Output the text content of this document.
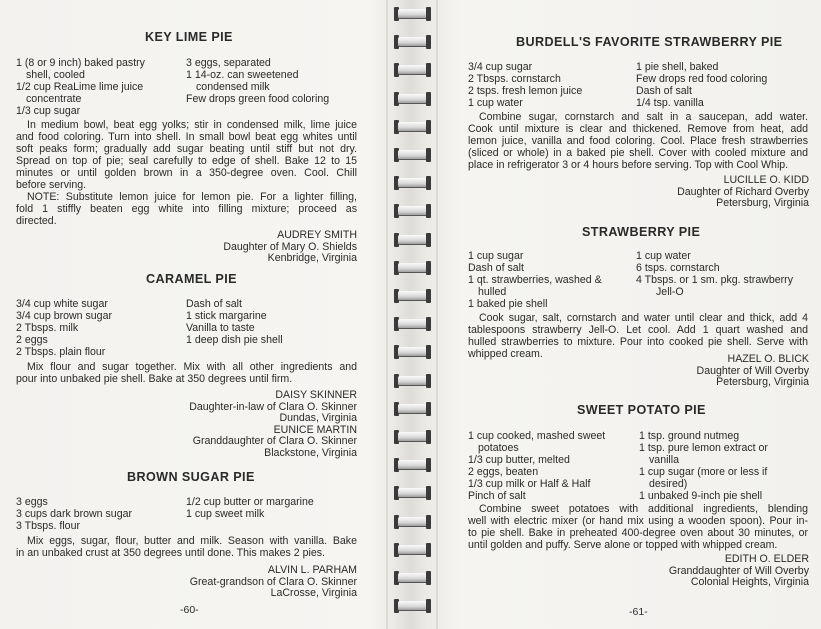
KEY LIME PIE
1 (8 or 9 inch) baked pastry
shell, cooled
1/2 cup ReaLime lime juice
concentrate
1/3 cup sugar
3 eggs, separated
1 14-oz. can sweetened
condensed milk
Few drops green food coloring
In medium bowl, beat egg yolks; stir in condensed milk, lime juice
and food coloring. Turn into shell. In small bowl beat egg whites until
soft peaks form; gradually add sugar beating until stiff but not dry.
Spread on top of pie; seal carefully to edge of shell. Bake 12 to 15
minutes or until golden brown in a 350-degree oven. Cool. Chill
before serving.
NOTE: Substitute lemon juice for lemon pie. For a lighter filling,
fold 1 stiffly beaten egg white into filling mixture; proceed as
directed.
AUDREY SMITH
Daughter of Mary O. Shields
Kenbridge, Virginia
CARAMEL PIE
3/4 cup white sugar
3/4 cup brown sugar
2 Tbsps. milk
2 eggs
2 Tbsps. plain flour
Dash of salt
1 stick margarine
Vanilla to taste
1 deep dish pie shell
Mix flour and sugar together. Mix with all other ingredients and
pour into unbaked pie shell. Bake at 350 degrees until firm.
DAISY SKINNER
Daughter-in-law of Clara O. Skinner
Dundas, Virginia
EUNICE MARTIN
Granddaughter of Clara O. Skinner
Blackstone, Virginia
BROWN SUGAR PIE
3 eggs
3 cups dark brown sugar
3 Tbsps. flour
1/2 cup butter or margarine
1 cup sweet milk
Mix eggs, sugar, flour, butter and milk. Season with vanilla. Bake
in an unbaked crust at 350 degrees until done. This makes 2 pies.
ALVIN L. PARHAM
Great-grandson of Clara O. Skinner
LaCrosse, Virginia
-60-
BURDELL'S FAVORITE STRAWBERRY PIE
3/4 cup sugar
2 Tbsps. cornstarch
2 tsps. fresh lemon juice
1 cup water
1 pie shell, baked
Few drops red food coloring
Dash of salt
1/4 tsp. vanilla
Combine sugar, cornstarch and salt in a saucepan, add water.
Cook until mixture is clear and thickened. Remove from heat, add
lemon juice, vanilla and food coloring. Cool. Place fresh strawberries
(sliced or whole) in a baked pie shell. Cover with cooled mixture and
place in refrigerator 3 or 4 hours before serving. Top with Cool Whip.
LUCILLE O. KIDD
Daughter of Richard Overby
Petersburg, Virginia
STRAWBERRY PIE
1 cup sugar
Dash of salt
1 qt. strawberries, washed &
hulled
1 baked pie shell
1 cup water
6 tsps. cornstarch
4 Tbsps. or 1 sm. pkg. strawberry
Jell-O
Cook sugar, salt, cornstarch and water until clear and thick, add 4
tablespoons strawberry Jell-O. Let cool. Add 1 quart washed and
hulled strawberries to mixture. Pour into cooked pie shell. Serve with
whipped cream.	HAZEL O. BLICK
Daughter of Will Overby
Petersburg, Virginia
SWEET POTATO PIE
1 cup cooked, mashed sweet
potatoes
1/3 cup butter, melted
2 eggs, beaten
1/3 cup milk or Half & Half
Pinch of salt
1 tsp. ground nutmeg
1 tsp. pure lemon extract or
vanilla
1 cup sugar (more or less if
desired)
1 unbaked 9-inch pie shell
Combine sweet potatoes with additional ingredients, blending
well with electric mixer (or hand mix using a wooden spoon). Pour in-
to pie shell. Bake in preheated 400-degree oven about 30 minutes, or
until golden and puffy. Serve alone or topped with whipped cream.
EDITH O. ELDER
Granddaughter of Will Overby
Colonial Heights, Virginia
-61-
